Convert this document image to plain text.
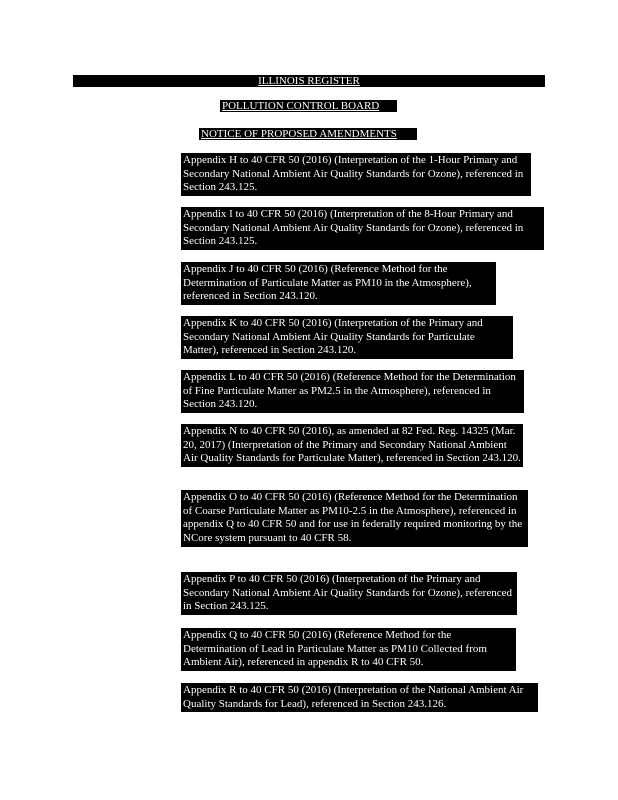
ILLINOIS REGISTER
POLLUTION CONTROL BOARD
NOTICE OF PROPOSED AMENDMENTS
Appendix H to 40 CFR 50 (2016) (Interpretation of the 1-Hour Primary and Secondary National Ambient Air Quality Standards for Ozone), referenced in Section 243.125.
Appendix I to 40 CFR 50 (2016) (Interpretation of the 8-Hour Primary and Secondary National Ambient Air Quality Standards for Ozone), referenced in Section 243.125.
Appendix J to 40 CFR 50 (2016) (Reference Method for the Determination of Particulate Matter as PM10 in the Atmosphere), referenced in Section 243.120.
Appendix K to 40 CFR 50 (2016) (Interpretation of the Primary and Secondary National Ambient Air Quality Standards for Particulate Matter), referenced in Section 243.120.
Appendix L to 40 CFR 50 (2016) (Reference Method for the Determination of Fine Particulate Matter as PM2.5 in the Atmosphere), referenced in Section 243.120.
Appendix N to 40 CFR 50 (2016), as amended at 82 Fed. Reg. 14325 (Mar. 20, 2017) (Interpretation of the Primary and Secondary National Ambient Air Quality Standards for Particulate Matter), referenced in Section 243.120.
Appendix O to 40 CFR 50 (2016) (Reference Method for the Determination of Coarse Particulate Matter as PM10-2.5 in the Atmosphere), referenced in appendix Q to 40 CFR 50 and for use in federally required monitoring by the NCore system pursuant to 40 CFR 58.
Appendix P to 40 CFR 50 (2016) (Interpretation of the Primary and Secondary National Ambient Air Quality Standards for Ozone), referenced in Section 243.125.
Appendix Q to 40 CFR 50 (2016) (Reference Method for the Determination of Lead in Particulate Matter as PM10 Collected from Ambient Air), referenced in appendix R to 40 CFR 50.
Appendix R to 40 CFR 50 (2016) (Interpretation of the National Ambient Air Quality Standards for Lead), referenced in Section 243.126.
